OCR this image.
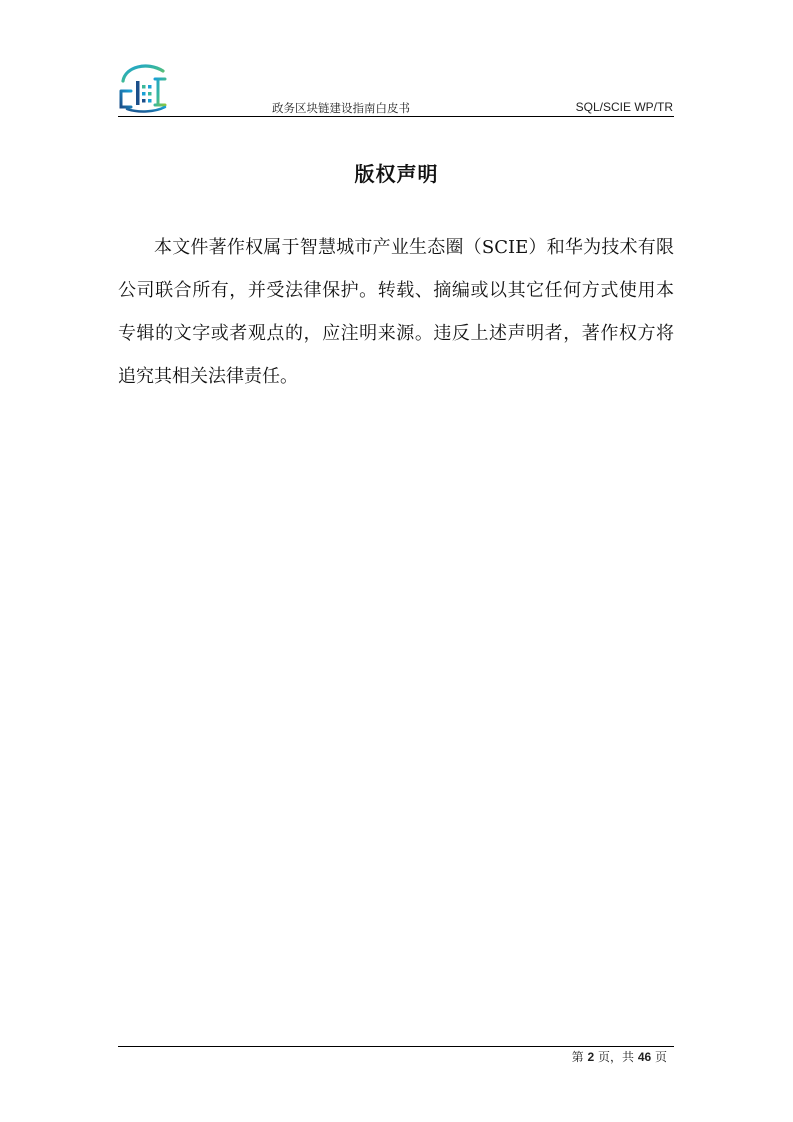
政务区块链建设指南白皮书	SQL/SCIE WP/TR
版权声明

本文件著作权属于智慧城市产业生态圈（SCIE）和华为技术有限公司联合所有，并受法律保护。转载、摘编或以其它任何方式使用本专辑的文字或者观点的，应注明来源。违反上述声明者，著作权方将追究其相关法律责任。

第 2 页，共 46 页
